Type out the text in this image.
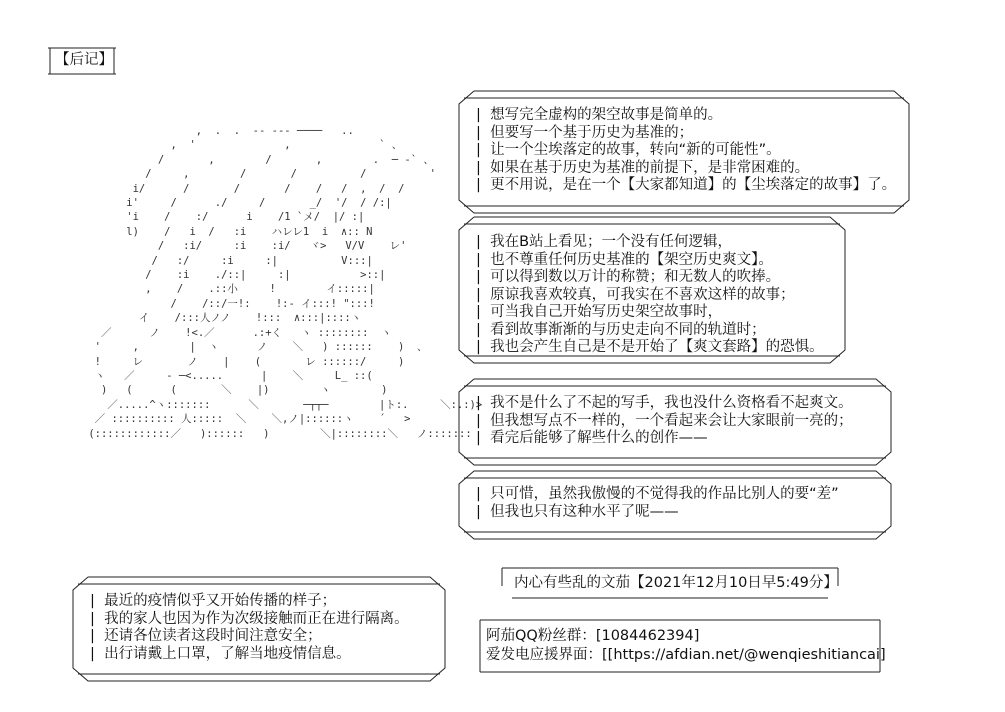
【后记】
,  .  .  -- --- ────   ..
,  '              ,              ` 、
/       ,        /       ,        .  ─ ‐` 、
/     ,        /       /          /          '
i/      /       /       /    /   /  ,  /  /
i'     /      ./     /       _/  '/  / /:|
'i    /    :/      i    /1 `メ/  |/ :|
l)    /   i  /   :i    ハレレ1  i  ∧:: N
/   :i/     :i    :i/   ヾ>   V/V    レ'
/   :/     :i     :|          V:::|
/    :i    ./::|     :|           >::|
,    /    .::小     !        イ:::::|
/    /::/一!:    !:- イ:::! ":::!
イ    /:::人ノノ    !:::  ∧:::|::::ヽ
／      ノ    !<.／      .:+く   ヽ ::::::::  ヽ
'     ,        |  ヽ      ノ    ＼   ) ::::::    )  、
!     レ       ノ    |    (       レ ::::::/     )
ヽ   ／     - ─<.....      |    ＼     L_ ::(
)   (      (       ＼    |)        ヽ        )
／.....^ヽ:::::::      ＼       ─┬┬─        |ト:.     ＼:.:)>
／ :::::::::: 人:::::  ＼    ＼,ノ|::::::ヽ    ´   >
(::::::::::::／   )::::::   )        ＼|::::::::＼   ノ:::::::
|  想写完全虚构的架空故事是简单的。
|  但要写一个基于历史为基准的；
|  让一个尘埃落定的故事，转向“新的可能性”。
|  如果在基于历史为基准的前提下，是非常困难的。
|  更不用说，是在一个【大家都知道】的【尘埃落定的故事】了。
|  我在B站上看见；一个没有任何逻辑，
|  也不尊重任何历史基准的【架空历史爽文】。
|  可以得到数以万计的称赞；和无数人的吹捧。
|  原谅我喜欢较真，可我实在不喜欢这样的故事；
|  可当我自己开始写历史架空故事时，
|  看到故事渐渐的与历史走向不同的轨道时；
|  我也会产生自己是不是开始了【爽文套路】的恐惧。
|  我不是什么了不起的写手，我也没什么资格看不起爽文。
|  但我想写点不一样的，一个看起来会让大家眼前一亮的；
|  看完后能够了解些什么的创作——
|  只可惜，虽然我傲慢的不觉得我的作品比别人的要“差”
|  但我也只有这种水平了呢——
|  最近的疫情似乎又开始传播的样子；
|  我的家人也因为作为次级接触而正在进行隔离。
|  还请各位读者这段时间注意安全；
|  出行请戴上口罩，了解当地疫情信息。
内心有些乱的文茄【2021年12月10日早5:49分】
阿茄QQ粉丝群：[1084462394]
爱发电应援界面：[[https://afdian.net/@wenqieshitiancai]
